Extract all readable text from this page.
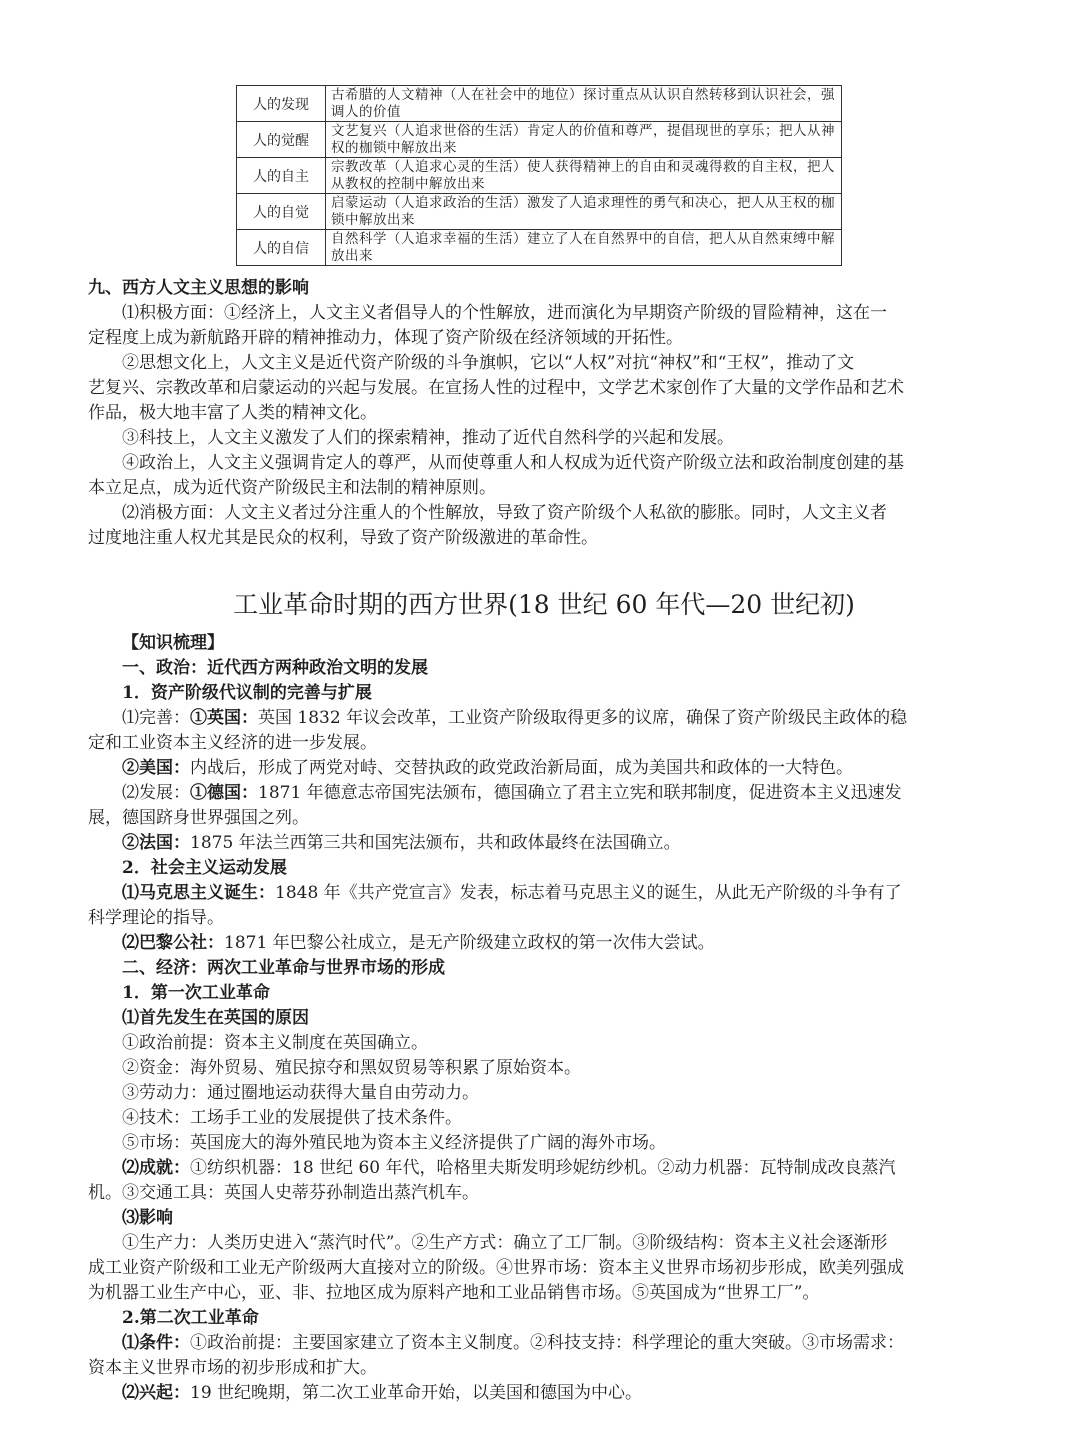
人的发现	古希腊的人文精神（人在社会中的地位）探讨重点从认识自然转移到认识社会，强调人的价值
人的觉醒	文艺复兴（人追求世俗的生活）肯定人的价值和尊严，提倡现世的享乐；把人从神权的枷锁中解放出来
人的自主	宗教改革（人追求心灵的生活）使人获得精神上的自由和灵魂得救的自主权，把人从教权的控制中解放出来
人的自觉	启蒙运动（人追求政治的生活）激发了人追求理性的勇气和决心，把人从王权的枷锁中解放出来
人的自信	自然科学（人追求幸福的生活）建立了人在自然界中的自信，把人从自然束缚中解放出来
九、西方人文主义思想的影响
⑴积极方面：①经济上，人文主义者倡导人的个性解放，进而演化为早期资产阶级的冒险精神，这在一
定程度上成为新航路开辟的精神推动力，体现了资产阶级在经济领域的开拓性。
②思想文化上，人文主义是近代资产阶级的斗争旗帜，它以“人权”对抗“神权”和“王权”，推动了文
艺复兴、宗教改革和启蒙运动的兴起与发展。在宣扬人性的过程中，文学艺术家创作了大量的文学作品和艺术
作品，极大地丰富了人类的精神文化。
③科技上，人文主义激发了人们的探索精神，推动了近代自然科学的兴起和发展。
④政治上，人文主义强调肯定人的尊严，从而使尊重人和人权成为近代资产阶级立法和政治制度创建的基
本立足点，成为近代资产阶级民主和法制的精神原则。
⑵消极方面：人文主义者过分注重人的个性解放，导致了资产阶级个人私欲的膨胀。同时，人文主义者
过度地注重人权尤其是民众的权利，导致了资产阶级激进的革命性。
工业革命时期的西方世界(18 世纪 60 年代—20 世纪初)
【知识梳理】
一、政治：近代西方两种政治文明的发展
1．资产阶级代议制的完善与扩展
⑴完善：①英国：英国 1832 年议会改革，工业资产阶级取得更多的议席，确保了资产阶级民主政体的稳
定和工业资本主义经济的进一步发展。
②美国：内战后，形成了两党对峙、交替执政的政党政治新局面，成为美国共和政体的一大特色。
⑵发展：①德国：1871 年德意志帝国宪法颁布，德国确立了君主立宪和联邦制度，促进资本主义迅速发
展，德国跻身世界强国之列。
②法国：1875 年法兰西第三共和国宪法颁布，共和政体最终在法国确立。
2．社会主义运动发展
⑴马克思主义诞生：1848 年《共产党宣言》发表，标志着马克思主义的诞生，从此无产阶级的斗争有了
科学理论的指导。
⑵巴黎公社：1871 年巴黎公社成立，是无产阶级建立政权的第一次伟大尝试。
二、经济：两次工业革命与世界市场的形成
1．第一次工业革命
⑴首先发生在英国的原因
①政治前提：资本主义制度在英国确立。
②资金：海外贸易、殖民掠夺和黑奴贸易等积累了原始资本。
③劳动力：通过圈地运动获得大量自由劳动力。
④技术：工场手工业的发展提供了技术条件。
⑤市场：英国庞大的海外殖民地为资本主义经济提供了广阔的海外市场。
⑵成就：①纺织机器：18 世纪 60 年代，哈格里夫斯发明珍妮纺纱机。②动力机器：瓦特制成改良蒸汽
机。③交通工具：英国人史蒂芬孙制造出蒸汽机车。
⑶影响
①生产力：人类历史进入“蒸汽时代”。②生产方式：确立了工厂制。③阶级结构：资本主义社会逐渐形
成工业资产阶级和工业无产阶级两大直接对立的阶级。④世界市场：资本主义世界市场初步形成，欧美列强成
为机器工业生产中心，亚、非、拉地区成为原料产地和工业品销售市场。⑤英国成为“世界工厂”。
2.第二次工业革命
⑴条件：①政治前提：主要国家建立了资本主义制度。②科技支持：科学理论的重大突破。③市场需求：
资本主义世界市场的初步形成和扩大。
⑵兴起：19 世纪晚期，第二次工业革命开始，以美国和德国为中心。
